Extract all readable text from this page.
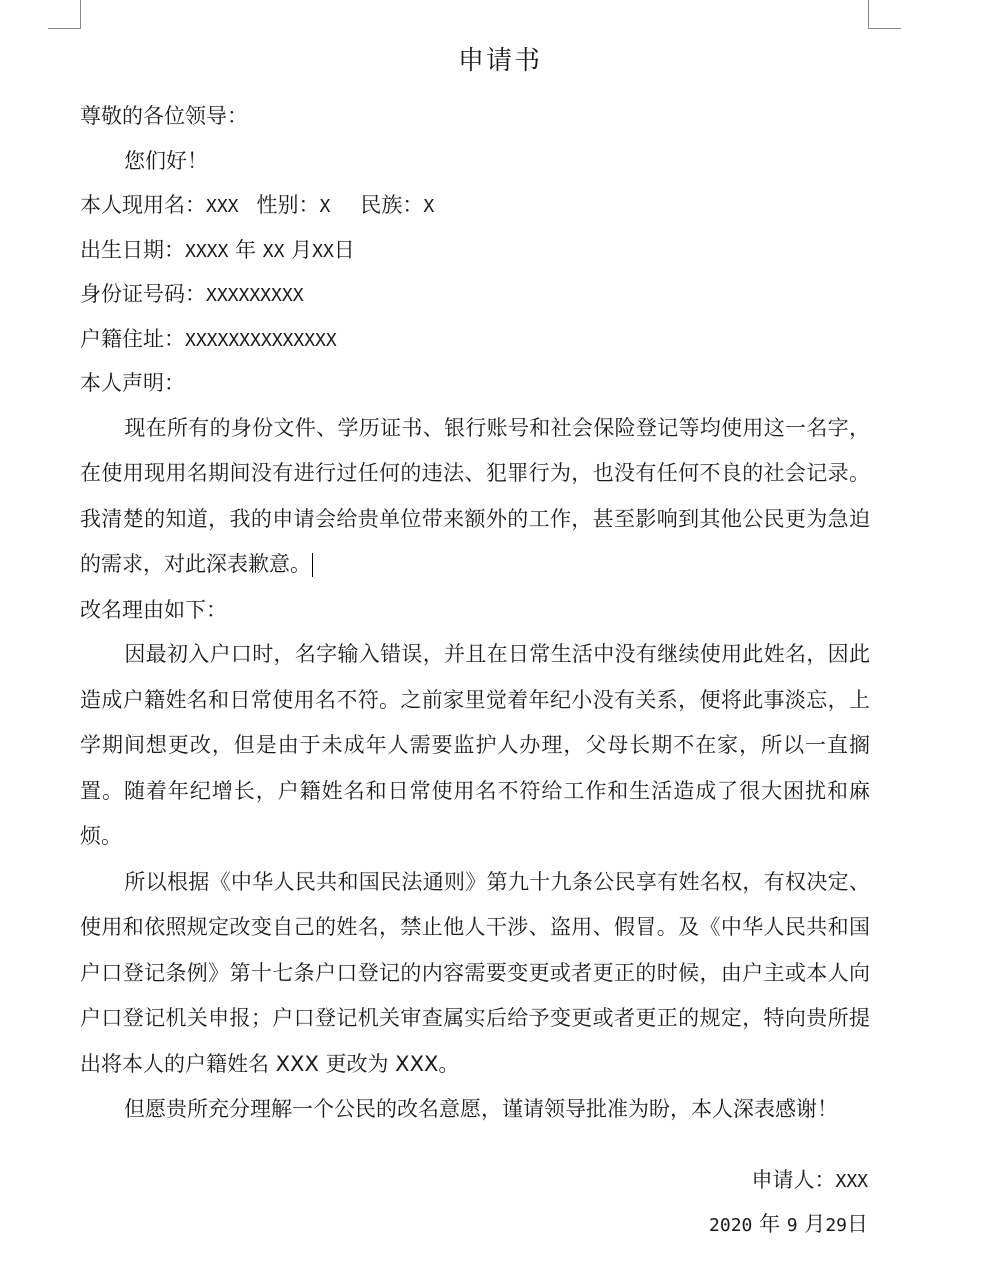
申请书
尊敬的各位领导：
您们好！
本人现用名：XXX 性别：X 民族：X
出生日期：XXXX 年 XX 月XX日
身份证号码：XXXXXXXXX
户籍住址：XXXXXXXXXXXXXX
本人声明：

现在所有的身份文件、学历证书、银行账号和社会保险登记等均使用这一名字，在使用现用名期间没有进行过任何的违法、犯罪行为，也没有任何不良的社会记录。我清楚的知道，我的申请会给贵单位带来额外的工作，甚至影响到其他公民更为急迫的需求，对此深表歉意。

改名理由如下：

因最初入户口时，名字输入错误，并且在日常生活中没有继续使用此姓名，因此造成户籍姓名和日常使用名不符。之前家里觉着年纪小没有关系，便将此事淡忘，上学期间想更改，但是由于未成年人需要监护人办理，父母长期不在家，所以一直搁置。随着年纪增长，户籍姓名和日常使用名不符给工作和生活造成了很大困扰和麻烦。

所以根据《中华人民共和国民法通则》第九十九条公民享有姓名权，有权决定、使用和依照规定改变自己的姓名，禁止他人干涉、盗用、假冒。及《中华人民共和国户口登记条例》第十七条户口登记的内容需要变更或者更正的时候，由户主或本人向户口登记机关申报；户口登记机关审查属实后给予变更或者更正的规定，特向贵所提出将本人的户籍姓名 XXX 更改为 XXX。

但愿贵所充分理解一个公民的改名意愿，谨请领导批准为盼，本人深表感谢！

申请人：XXX
2020 年 9 月29日
